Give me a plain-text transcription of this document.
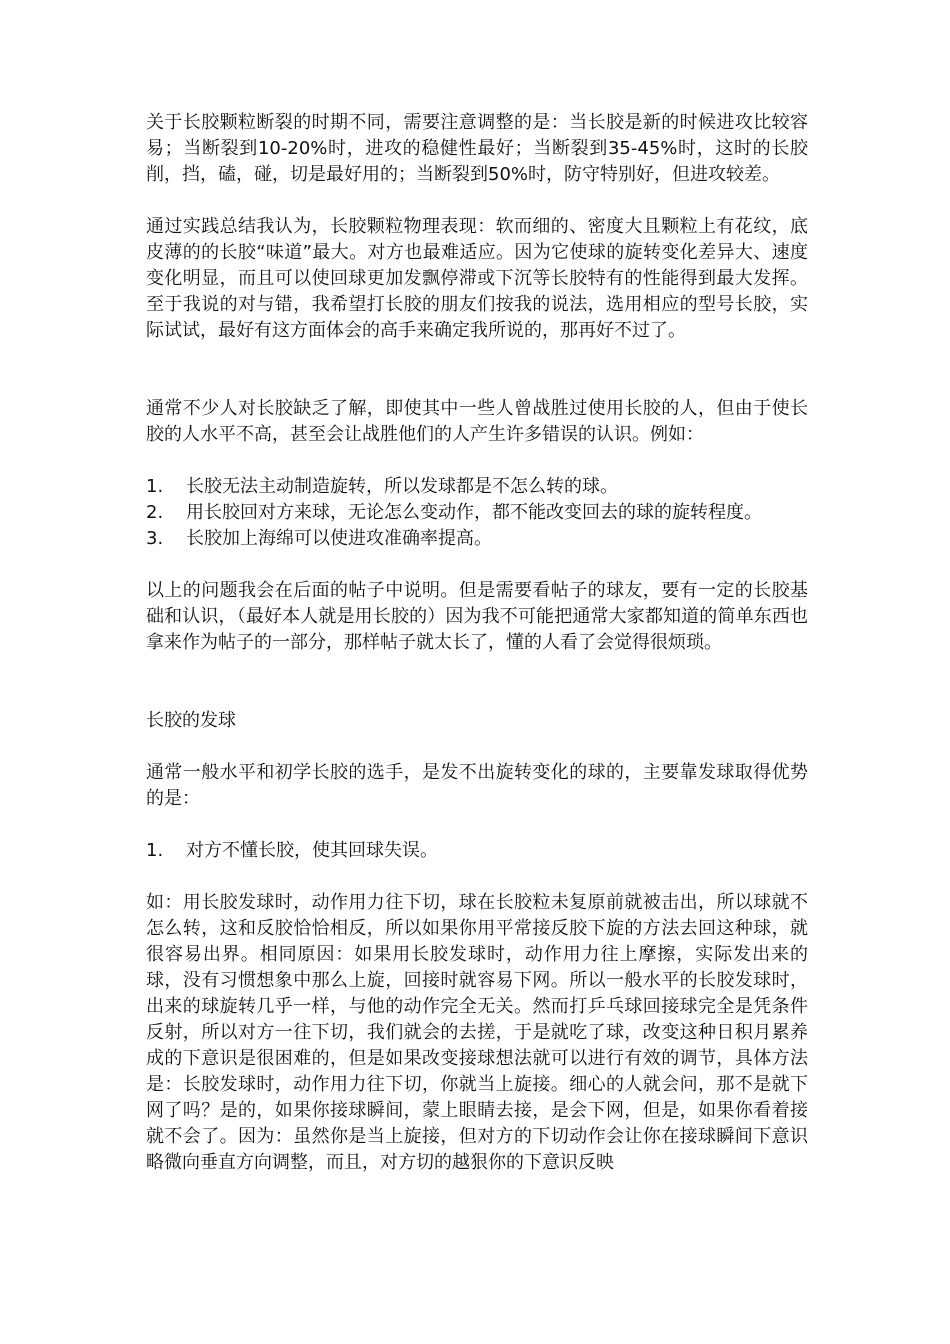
关于长胶颗粒断裂的时期不同，需要注意调整的是：当长胶是新的时候进攻比较容易；当断裂到10-20%时，进攻的稳健性最好；当断裂到35-45%时，这时的长胶削，挡，磕，碰，切是最好用的；当断裂到50%时，防守特别好，但进攻较差。

通过实践总结我认为，长胶颗粒物理表现：软而细的、密度大且颗粒上有花纹，底皮薄的的长胶“味道”最大。对方也最难适应。因为它使球的旋转变化差异大、速度变化明显，而且可以使回球更加发飘停滞或下沉等长胶特有的性能得到最大发挥。至于我说的对与错，我希望打长胶的朋友们按我的说法，选用相应的型号长胶，实际试试，最好有这方面体会的高手来确定我所说的，那再好不过了。

通常不少人对长胶缺乏了解，即使其中一些人曾战胜过使用长胶的人，但由于使长胶的人水平不高，甚至会让战胜他们的人产生许多错误的认识。例如：

1.	长胶无法主动制造旋转，所以发球都是不怎么转的球。
2.	用长胶回对方来球，无论怎么变动作，都不能改变回去的球的旋转程度。
3.	长胶加上海绵可以使进攻准确率提高。

以上的问题我会在后面的帖子中说明。但是需要看帖子的球友，要有一定的长胶基础和认识，（最好本人就是用长胶的）因为我不可能把通常大家都知道的简单东西也拿来作为帖子的一部分，那样帖子就太长了，懂的人看了会觉得很烦琐。

长胶的发球

通常一般水平和初学长胶的选手，是发不出旋转变化的球的，主要靠发球取得优势的是：

1.	对方不懂长胶，使其回球失误。

如：用长胶发球时，动作用力往下切，球在长胶粒未复原前就被击出，所以球就不怎么转，这和反胶恰恰相反，所以如果你用平常接反胶下旋的方法去回这种球，就很容易出界。相同原因：如果用长胶发球时，动作用力往上摩擦，实际发出来的球，没有习惯想象中那么上旋，回接时就容易下网。所以一般水平的长胶发球时，出来的球旋转几乎一样，与他的动作完全无关。然而打乒乓球回接球完全是凭条件反射，所以对方一往下切，我们就会的去搓，于是就吃了球，改变这种日积月累养成的下意识是很困难的，但是如果改变接球想法就可以进行有效的调节，具体方法是：长胶发球时，动作用力往下切，你就当上旋接。细心的人就会问，那不是就下网了吗？是的，如果你接球瞬间，蒙上眼睛去接，是会下网，但是，如果你看着接就不会了。因为：虽然你是当上旋接，但对方的下切动作会让你在接球瞬间下意识略微向垂直方向调整，而且，对方切的越狠你的下意识反映
